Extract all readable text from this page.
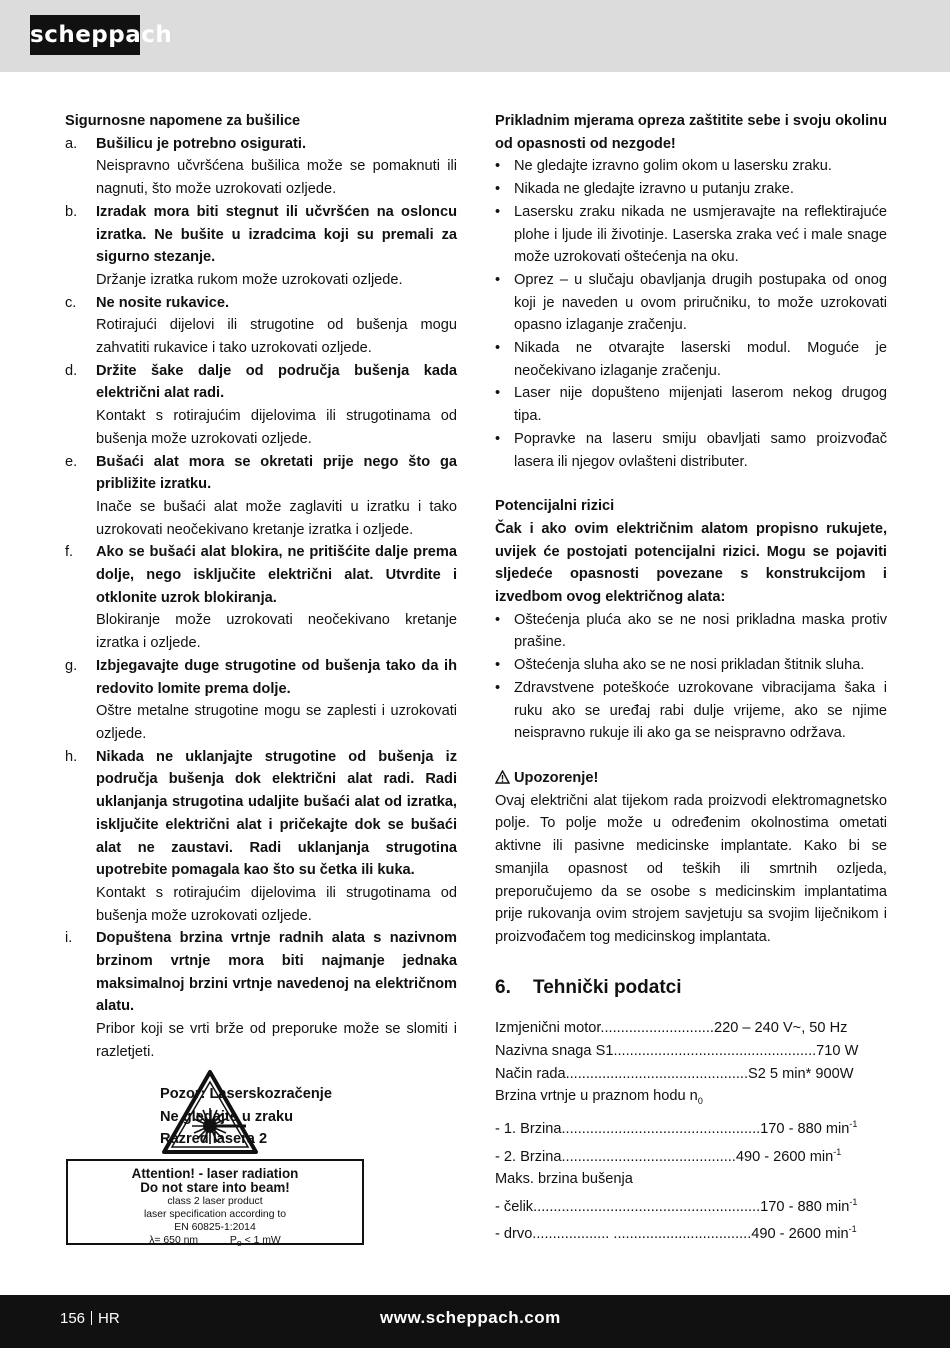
scheppach
Sigurnosne napomene za bušilice
a. Bušilicu je potrebno osigurati.
Neispravno učvršćena bušilica može se pomaknuti ili nagnuti, što može uzrokovati ozljede.
b. Izradak mora biti stegnut ili učvršćen na osloncu izratka. Ne bušite u izradcima koji su premali za sigurno stezanje.
Držanje izratka rukom može uzrokovati ozljede.
c. Ne nosite rukavice.
Rotirajući dijelovi ili strugotine od bušenja mogu zahvatiti rukavice i tako uzrokovati ozljede.
d. Držite šake dalje od područja bušenja kada električni alat radi.
Kontakt s rotirajućim dijelovima ili strugotinama od bušenja može uzrokovati ozljede.
e. Bušaći alat mora se okretati prije nego što ga približite izratku.
Inače se bušaći alat može zaglaviti u izratku i tako uzrokovati neočekivano kretanje izratka i ozljede.
f. Ako se bušaći alat blokira, ne pritišćite dalje prema dolje, nego isključite električni alat. Utvrdite i otklonite uzrok blokiranja.
Blokiranje može uzrokovati neočekivano kretanje izratka i ozljede.
g. Izbjegavajte duge strugotine od bušenja tako da ih redovito lomite prema dolje.
Oštre metalne strugotine mogu se zaplesti i uzrokovati ozljede.
h. Nikada ne uklanjajte strugotine od bušenja iz područja bušenja dok električni alat radi. Radi uklanjanja strugotina udaljite bušaći alat od izratka, isključite električni alat i pričekajte dok se bušaći alat ne zaustavi. Radi uklanjanja strugotina upotrebite pomagala kao što su četka ili kuka.
Kontakt s rotirajućim dijelovima ili strugotinama od bušenja može uzrokovati ozljede.
i. Dopuštena brzina vrtnje radnih alata s nazivnom brzinom vrtnje mora biti najmanje jednaka maksimalnoj brzini vrtnje navedenoj na električnom alatu.
Pribor koji se vrti brže od preporuke može se slomiti i razletjeti.
Pozor: Laserskozračenje
Ne gledajte u zraku
Razred lasera 2
Attention! - laser radiation
Do not stare into beam!
class 2 laser product
laser specification according to
EN 60825-1:2014
λ= 650 nm	$P_o < 1$ mW
Prikladnim mjerama opreza zaštitite sebe i svoju okolinu od opasnosti od nezgode!
• Ne gledajte izravno golim okom u lasersku zraku.
• Nikada ne gledajte izravno u putanju zrake.
• Lasersku zraku nikada ne usmjeravajte na reflektirajuće plohe i ljude ili životinje. Laserska zraka već i male snage može uzrokovati oštećenja na oku.
• Oprez – u slučaju obavljanja drugih postupaka od onog koji je naveden u ovom priručniku, to može uzrokovati opasno izlaganje zračenju.
• Nikada ne otvarajte laserski modul. Moguće je neočekivano izlaganje zračenju.
• Laser nije dopušteno mijenjati laserom nekog drugog tipa.
• Popravke na laseru smiju obavljati samo proizvođač lasera ili njegov ovlašteni distributer.
Potencijalni rizici
Čak i ako ovim električnim alatom propisno rukujete, uvijek će postojati potencijalni rizici. Mogu se pojaviti sljedeće opasnosti povezane s konstrukcijom i izvedbom ovog električnog alata:
• Oštećenja pluća ako se ne nosi prikladna maska protiv prašine.
• Oštećenja sluha ako se ne nosi prikladan štitnik sluha.
• Zdravstvene poteškoće uzrokovane vibracijama šaka i ruku ako se uređaj rabi dulje vrijeme, ako se njime neispravno rukuje ili ako ga se neispravno održava.
Upozorenje!
Ovaj električni alat tijekom rada proizvodi elektromagnetsko polje. To polje može u određenim okolnostima ometati aktivne ili pasivne medicinske implantate. Kako bi se smanjila opasnost od teških ili smrtnih ozljeda, preporučujemo da se osobe s medicinskim implantatima prije rukovanja ovim strojem savjetuju sa svojim liječnikom i proizvođačem tog medicinskog implantata.
6. Tehnički podatci
Izmjenični motor............................220 – 240 V~, 50 Hz
Nazivna snaga S1..................................................710 W
Način rada.............................................S2 5 min* 900W
Brzina vrtnje u praznom hodu $n_0$
- 1. Brzina.................................................170 - 880 $\min^{-1}$
- 2. Brzina...........................................490 - 2600 $\min^{-1}$
Maks. brzina bušenja
- čelik........................................................170 - 880 $\min^{-1}$
- drvo................... ..................................490 - 2600 $\min^{-1}$
156 HR	www.scheppach.com
